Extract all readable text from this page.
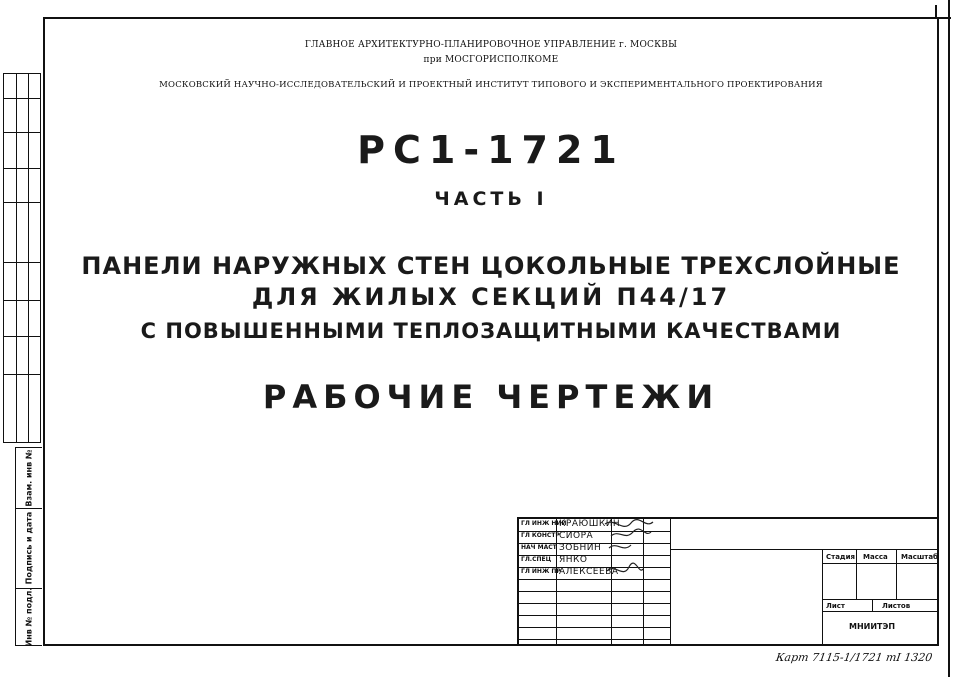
Взам. инв №
Подпись и дата
Инв № подл.
ГЛАВНОЕ АРХИТЕКТУРНО-ПЛАНИРОВОЧНОЕ УПРАВЛЕНИЕ г. МОСКВЫ
при МОСГОРИСПОЛКОМЕ
МОСКОВСКИЙ НАУЧНО-ИССЛЕДОВАТЕЛЬСКИЙ И ПРОЕКТНЫЙ ИНСТИТУТ ТИПОВОГО И ЭКСПЕРИМЕНТАЛЬНОГО ПРОЕКТИРОВАНИЯ
РС1-1721
ЧАСТЬ I
ПАНЕЛИ НАРУЖНЫХ СТЕН ЦОКОЛЬНЫЕ ТРЕХСЛОЙНЫЕ
ДЛЯ ЖИЛЫХ СЕКЦИЙ П44/17
С ПОВЫШЕННЫМИ ТЕПЛОЗАЩИТНЫМИ КАЧЕСТВАМИ
РАБОЧИЕ ЧЕРТЕЖИ
ГЛ ИНЖ НИИ
КРАЮШКИН
ГЛ КОНСТР СИОРА
НАЧ МАСТ ЗОБНИН
ГЛ.СПЕЦ ЯНКО
ГЛ ИНЖ ПР
АЛЕКСЕЕВА
Стадия Масса Масштаб
Лист	Листов
МНИИТЭП
Карт 7115-1/1721 тI 1320
